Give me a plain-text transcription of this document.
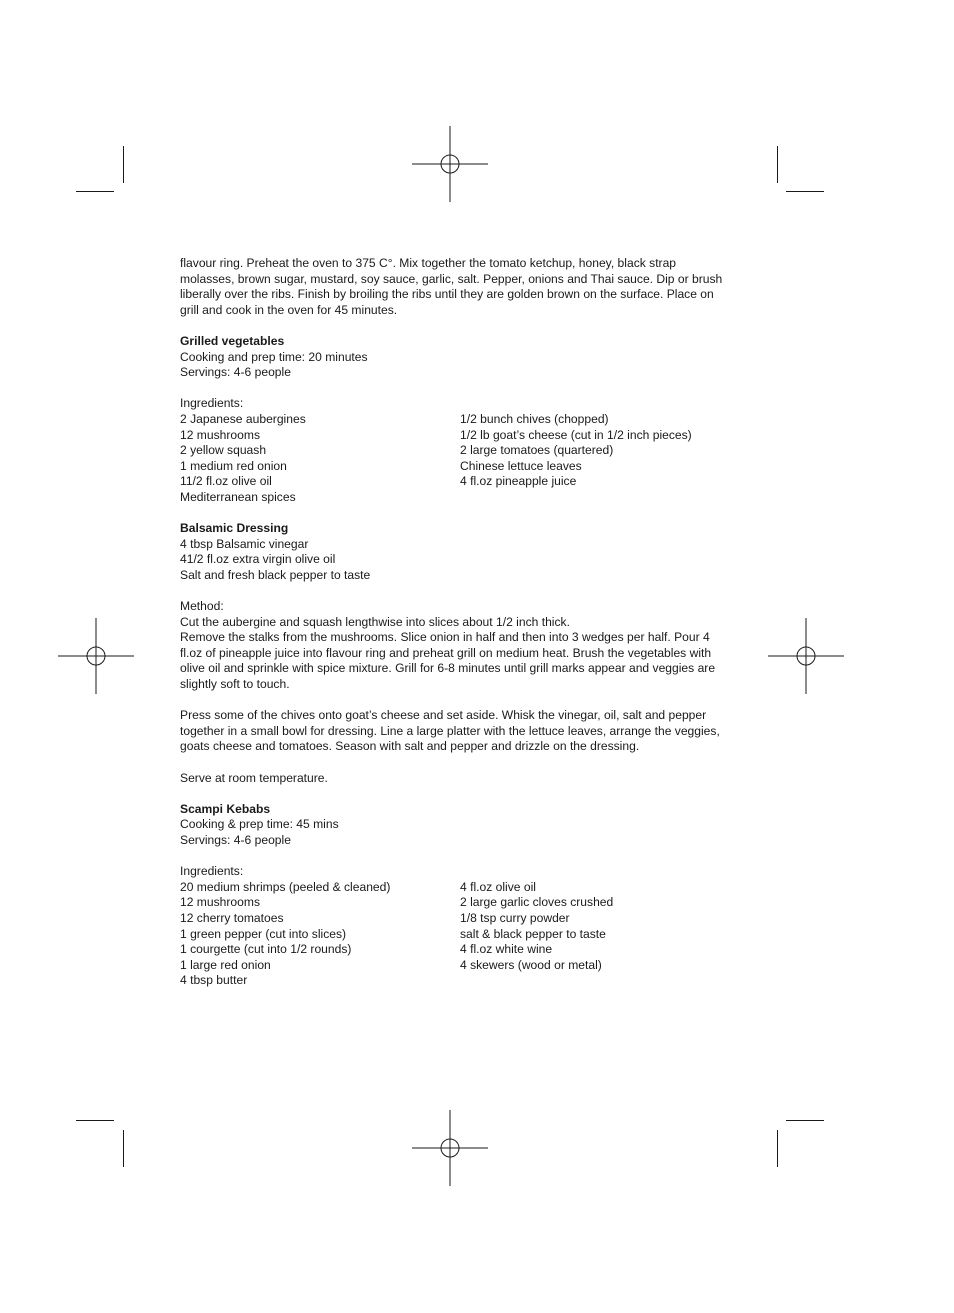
flavour ring. Preheat the oven to 375 C°. Mix together the tomato ketchup, honey, black strap molasses, brown sugar, mustard, soy sauce, garlic, salt. Pepper, onions and Thai sauce. Dip or brush liberally over the ribs. Finish by broiling the ribs until they are golden brown on the surface. Place on grill and cook in the oven for 45 minutes.

Grilled vegetables

Cooking and prep time: 20 minutes

Servings: 4-6 people

Ingredients:

2 Japanese aubergines
12 mushrooms
2 yellow squash
1 medium red onion
11/2 fl.oz olive oil
Mediterranean spices
1/2 bunch chives (chopped)
1/2 lb goat’s cheese (cut in 1/2 inch pieces)
2 large tomatoes (quartered)
Chinese lettuce leaves
4 fl.oz pineapple juice

Balsamic Dressing

4 tbsp Balsamic vinegar

41/2 fl.oz extra virgin olive oil

Salt and fresh black pepper to taste

Method:

Cut the aubergine and squash lengthwise into slices about 1/2 inch thick.

Remove the stalks from the mushrooms. Slice onion in half and then into 3 wedges per half. Pour 4 fl.oz of pineapple juice into flavour ring and preheat grill on medium heat. Brush the vegetables with olive oil and sprinkle with spice mixture. Grill for 6-8 minutes until grill marks appear and veggies are slightly soft to touch.

Press some of the chives onto goat’s cheese and set aside. Whisk the vinegar, oil, salt and pepper together in a small bowl for dressing. Line a large platter with the lettuce leaves, arrange the veggies, goats cheese and tomatoes. Season with salt and pepper and drizzle on the dressing.

Serve at room temperature.

Scampi Kebabs

Cooking & prep time: 45 mins

Servings: 4-6 people

Ingredients:

20 medium shrimps (peeled & cleaned)
12 mushrooms
12 cherry tomatoes
1 green pepper (cut into slices)
1 courgette (cut into 1/2 rounds)
1 large red onion
4 tbsp butter
4 fl.oz olive oil
2 large garlic cloves crushed
1/8 tsp curry powder
salt & black pepper to taste
4 fl.oz white wine
4 skewers (wood or metal)
